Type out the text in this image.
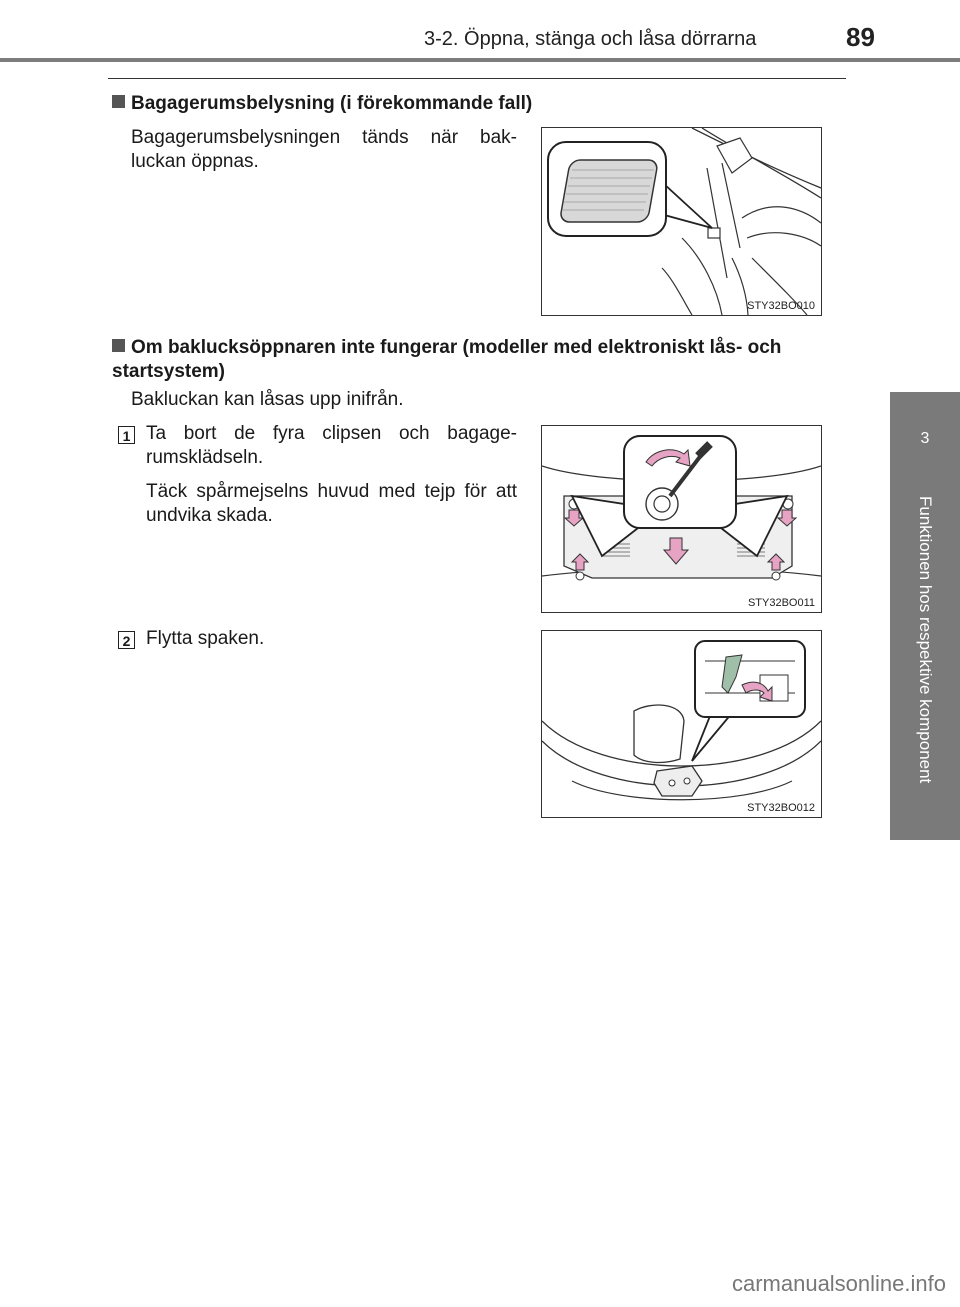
3-2. Öppna, stänga och låsa dörrarna	89
3
Funktionen hos respektive komponent
Bagagerumsbelysning (i förekommande fall)
Bagagerumsbelysningen tänds när bak-luckan öppnas.
STY32BO010
Om baklucksöppnaren inte fungerar (modeller med elektroniskt lås- och startsystem)
Bakluckan kan låsas upp inifrån.
1 Ta bort de fyra clipsen och bagage-rumsklädseln.
Täck spårmejselns huvud med tejp för att undvika skada.
STY32BO011
2 Flytta spaken.
STY32BO012
carmanualsonline.info
